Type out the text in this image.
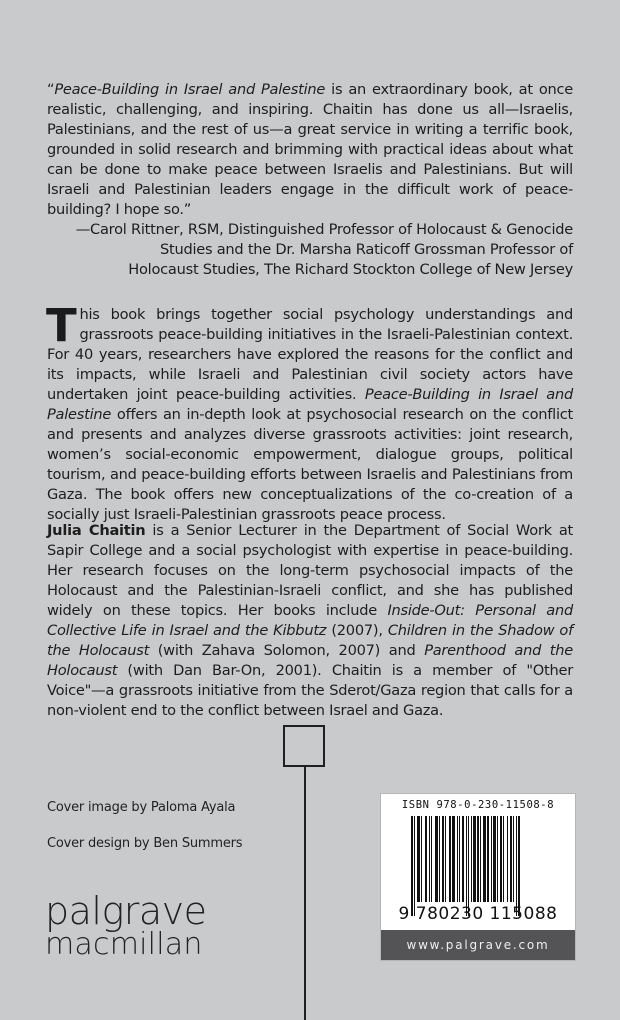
“Peace-Building in Israel and Palestine is an extraordinary book, at once realistic, challenging, and inspiring. Chaitin has done us all—Israelis, Palestinians, and the rest of us—a great service in writing a terrific book, grounded in solid research and brimming with practical ideas about what can be done to make peace between Israelis and Palestinians. But will Israeli and Palestinian leaders engage in the difficult work of peace-building? I hope so.”

—Carol Rittner, RSM, Distinguished Professor of Holocaust & Genocide
Studies and the Dr. Marsha Raticoff Grossman Professor of
Holocaust Studies, The Richard Stockton College of New Jersey

This book brings together social psychology understandings and grassroots peace-building initiatives in the Israeli-Palestinian context. For 40 years, researchers have explored the reasons for the conflict and its impacts, while Israeli and Palestinian civil society actors have undertaken joint peace-building activities. Peace-Building in Israel and Palestine offers an in-depth look at psychosocial research on the conflict and presents and analyzes diverse grassroots activities: joint research, women’s social-economic empowerment, dialogue groups, political tourism, and peace-building efforts between Israelis and Palestinians from Gaza. The book offers new conceptualizations of the co-creation of a socially just Israeli-Palestinian grassroots peace process.

Julia Chaitin is a Senior Lecturer in the Department of Social Work at Sapir College and a social psychologist with expertise in peace-building. Her research focuses on the long-term psychosocial impacts of the Holocaust and the Palestinian-Israeli conflict, and she has published widely on these topics. Her books include Inside-Out: Personal and Collective Life in Israel and the Kibbutz (2007), Children in the Shadow of the Holocaust (with Zahava Solomon, 2007) and Parenthood and the Holocaust (with Dan Bar-On, 2001). Chaitin is a member of "Other Voice"—a grassroots initiative from the Sderot/Gaza region that calls for a non-violent end to the conflict between Israel and Gaza.

Cover image by Paloma Ayala
Cover design by Ben Summers
palgrave
macmillan
ISBN 978-0-230-11508-8
9 780230 115088
www.palgrave.com
